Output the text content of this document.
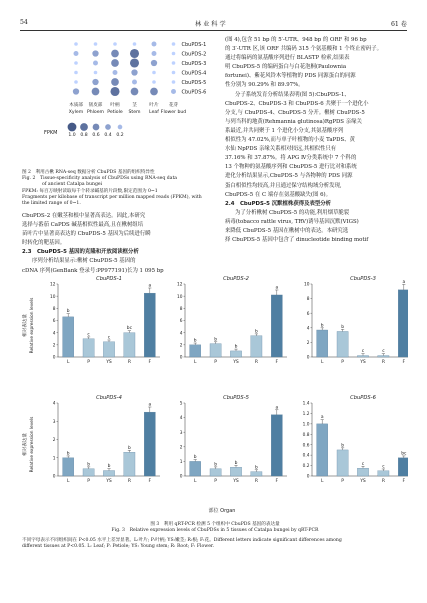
54	林 业 科 学	61 卷
CbuPDS-1
CbuPDS-2
CbuPDS-3
CbuPDS-4
CbuPDS-5
CbuPDS-6
木质部
Xylem
韧皮部
Phloem
叶柄
Petiole
茎
Stem
叶片
Leaf
花芽
Flower bud
FPKM 1.0 0.8 0.6 0.4 0.2

图 2　利用古楸 RNA-seq 数据分析 CbuPDS 基因的组织特异性

Fig. 2　Tissue-specificity analysis of CbuPDSs using RNA-seq data

of ancient Catalpa bungei

FPKM: 每百万映射读取每千个转录碱基的片段数,限定范围为 0~1

Fragments per kilobase of transcript per million mapped reads (FPKM), with

the limited range of 0~1.

CbuPDS-2 在嫩茎和根中显著高表达。因此,本研究

选择与番茄 CaPDS 碱基相似性最高,且在楸树组培

苗叶片中显著高表达的 CbuPDS-5 基因为后续进行瞬

时转化的靶基因。

2.3　CbuPDS-5 基因的克隆和开放阅读框分析

序列分析结果显示:楸树 CbuPDS-5 基因的

cDNA 序列(GenBank 登录号:PP977191)长为 1 095 bp

(图 4),包含 51 bp 的 5′-UTR、948 bp 的 ORF 和 96 bp

的 3′-UTR 区,该 ORF 共编码 315 个氨基酸和 1 个终止密码子。

通过将编码的氨基酸序列进行 BLASTP 检索,结果表

明 CbuPDS-5 的编码蛋白与白花泡桐(Paulownia

fortunei)、紫花风铃木等植物的 PDS 同源蛋白的同源

性分别为 90.29% 和 89.97%。

分子系统发育分析结果表明(图 5):CbuPDS-1、

CbuPDS-2、CbuPDS-3 和 CbuPDS-6 共聚于一个进化小

分支,与 CbuPDS-4、CbuPDS-5 分开。楸树 CbuPDS-5

与列当科的地黄(Rehmannia glutinosa)RgPDS 亲缘关

系最近,并共同聚于 1 个进化小分支,其氨基酸序列

相似性为 47.02%,而与单子叶植物的小麦 TaPDS、黄

水仙 NpPDS 亲缘关系相对较远,其相似性只有

37.16% 和 37.87%。将 APG Ⅳ分类系统中 7 个科的

13 个物种的氨基酸序列和 CbuPDS-5 进行比对和系统

进化分析结果显示,CbuPDS-5 与各物种的 PDS 同源

蛋白相似性均较高,并且通过保守结构域分析发现,

CbuPDS-5 在 C 端存在氨基酸缺失(图 6)。

2.4　CbuPDS-5 沉默植株获得及表型分析

为了分析楸树 CbuPDS-5 的功能,利用烟草脆裂

病毒(tobacco rattle virus, TRV)诱导基因沉默(VIGS)

来降低 CbuPDS-5 基因在楸树中的表达。本研究选

择 CbuPDS-5 基因中包含了 dinucleotide binding motif

CbuPDS-1
0
2
4
6
8
10
12
b
L
c
P
c
YS
bc
R
a
F
CbuPDS-2
0
2
4
6
8
10
12
b
L
b
P
b
YS
b
R
a
F
CbuPDS-3
0
2
4
6
8
10
b
L
b
P
c
YS
c
R
a
F
CbuPDS-4
0
1
2
3
4
b
L
b
P
b
YS
b
R
a
F
CbuPDS-5
0
1
2
3
4
5
b
L
b
P
b
YS
b
R
a
F
CbuPDS-6
0
0.2
0.4
0.6
0.8
1.0
1.2
1.4
a
L
b
P
c
YS
c
R
bc
F
相对表达量 Relative expression levels
相对表达量 Relative expression levels
部位 Organ

图 3　利用 qRT-PCR 检测 5 个组织中 CbuPDS 基因的表达量

Fig. 3　Relative expression levels of CbuPDSs in 5 tissues of Catalpa bungei by qRT-PCR

不同字母表示不同组织间在 P<0.05 水平上差异显著。L:叶片; P:叶柄; YS:嫩茎; R:根; F:花。Different letters indicate significant differences among

different tissues at P<0.05. L: Leaf; P: Petiole; YS: Young stem; R: Root; F: Flower.
